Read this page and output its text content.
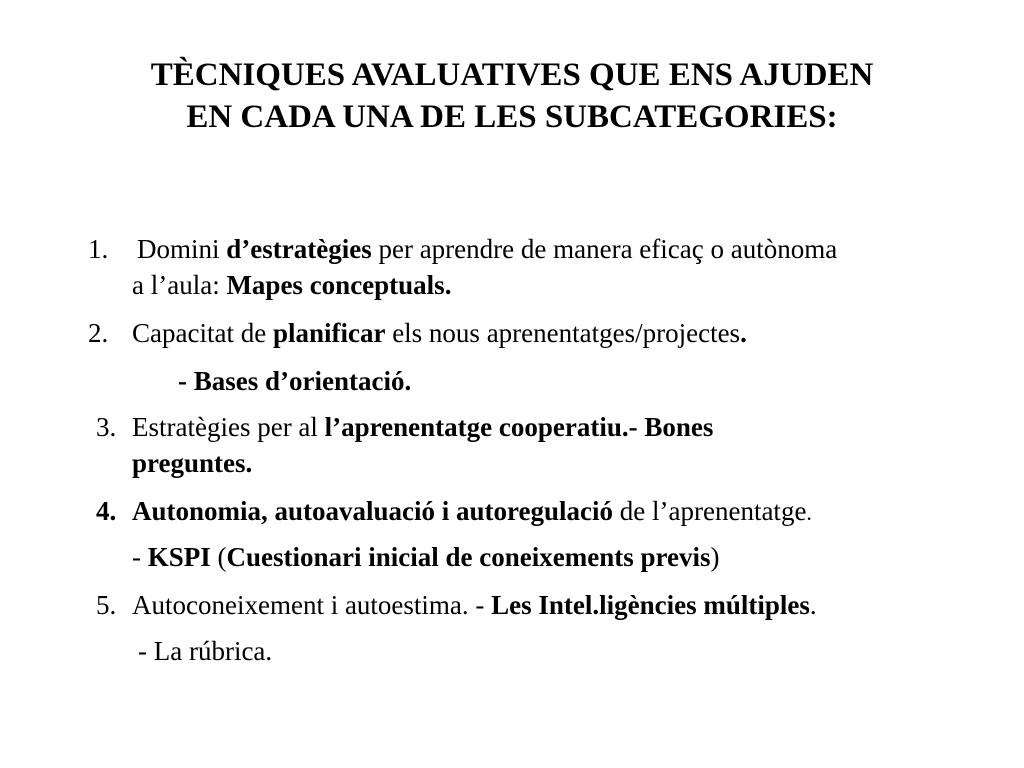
TÈCNIQUES AVALUATIVES QUE ENS AJUDEN
EN CADA UNA DE LES SUBCATEGORIES:
1. Domini d’estratègies per aprendre de manera eficaç o autònoma
a l’aula: Mapes conceptuals.
2. Capacitat de planificar els nous aprenentatges/projectes.
- Bases d’orientació.
3. Estratègies per al l’aprenentatge cooperatiu.- Bones
preguntes.
4. Autonomia, autoavaluació i autoregulació de l’aprenentatge.
- KSPI (Cuestionari inicial de coneixements previs)
5. Autoconeixement i autoestima. - Les Intel.ligències múltiples.
- La rúbrica.
